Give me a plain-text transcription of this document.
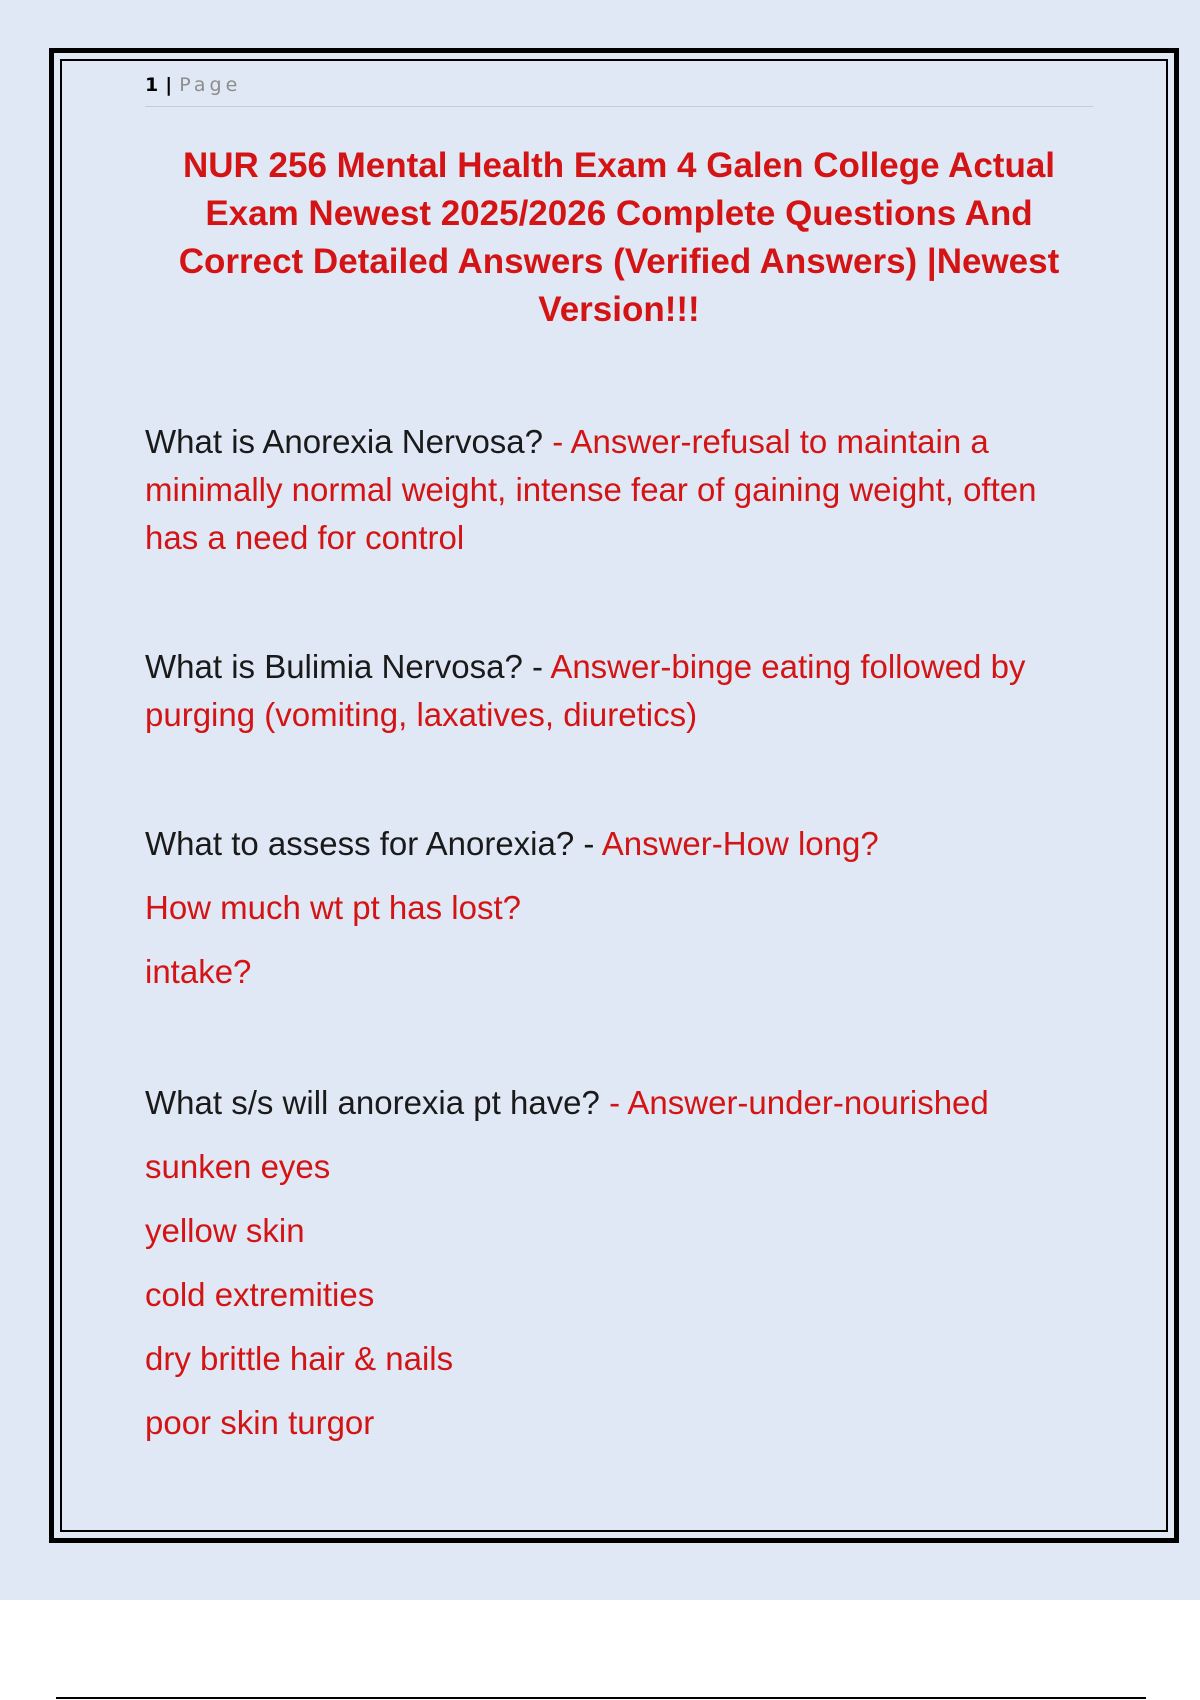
1 | Page
NUR 256 Mental Health Exam 4 Galen College Actual Exam Newest 2025/2026 Complete Questions And Correct Detailed Answers (Verified Answers) |Newest Version!!!
What is Anorexia Nervosa? - Answer-refusal to maintain a minimally normal weight, intense fear of gaining weight, often has a need for control
What is Bulimia Nervosa? - Answer-binge eating followed by purging (vomiting, laxatives, diuretics)
What to assess for Anorexia? - Answer-How long?
How much wt pt has lost?
intake?
What s/s will anorexia pt have? - Answer-under-nourished
sunken eyes
yellow skin
cold extremities
dry brittle hair & nails
poor skin turgor
